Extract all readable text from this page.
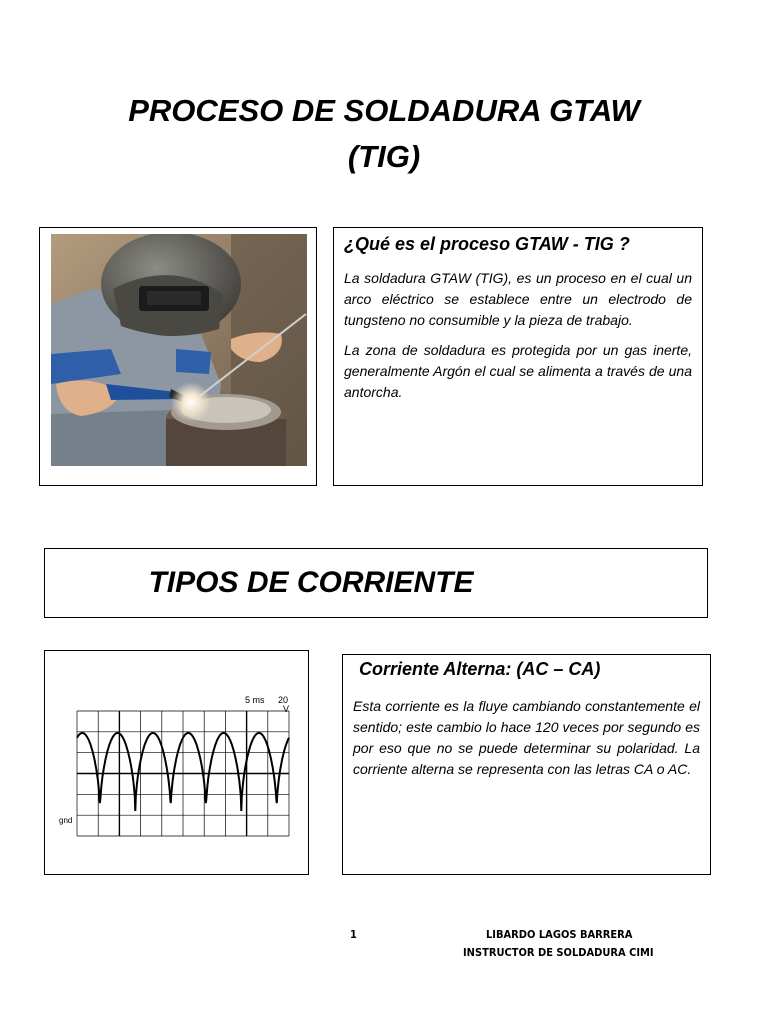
PROCESO DE SOLDADURA GTAW
(TIG)
¿Qué es el proceso GTAW - TIG ?

La soldadura GTAW (TIG), es un proceso en el cual un arco eléctrico se establece entre un electrodo de tungsteno no consumible y la pieza de trabajo.

La zona de soldadura es protegida por un gas inerte, generalmente Argón el cual se alimenta a través de una antorcha.

TIPOS DE CORRIENTE
5 ms 20
V
gnd
Corriente Alterna: (AC – CA)

Esta corriente es la fluye cambiando constantemente el sentido; este cambio lo hace 120 veces por segundo es por eso que no se puede determinar su polaridad. La corriente alterna se representa con las letras CA o AC.

1	LIBARDO LAGOS BARRERA
INSTRUCTOR DE SOLDADURA CIMI
